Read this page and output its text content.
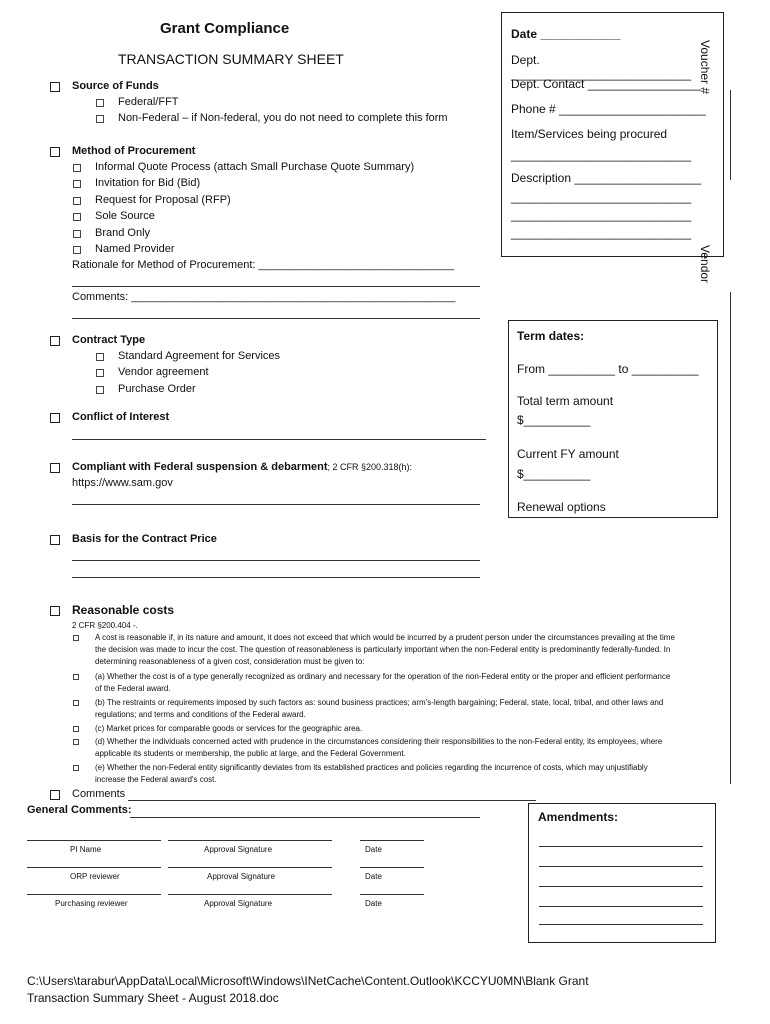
Grant Compliance
TRANSACTION SUMMARY SHEET
Date ____________
Dept. ___________________________
Dept. Contact _________________
Phone # ______________________
Item/Services being procured
___________________________
Description ___________________
___________________________
___________________________
___________________________
Voucher #
Vendor
Source of Funds
Federal/FFT
Non-Federal – if Non-federal, you do not need to complete this form
Method of Procurement
Informal Quote Process (attach Small Purchase Quote Summary)
Invitation for Bid (Bid)
Request for Proposal (RFP)
Sole Source
Brand Only
Named Provider
Rationale for Method of Procurement: ________________________________
Comments: _____________________________________________________
Contract Type
Standard Agreement for Services
Vendor agreement
Purchase Order
Conflict of Interest
Compliant with Federal suspension & debarment; 2 CFR §200.318(h):
https://www.sam.gov
Term dates:
From __________ to __________
Total term amount
$__________
Current FY amount
$__________
Renewal options
Basis for the Contract Price
Reasonable costs
2 CFR §200.404 -.
A cost is reasonable if, in its nature and amount, it does not exceed that which would be incurred by a prudent person under the circumstances prevailing at the time the decision was made to incur the cost. The question of reasonableness is particularly important when the non-Federal entity is predominantly federally-funded. In determining reasonableness of a given cost, consideration must be given to:
(a) Whether the cost is of a type generally recognized as ordinary and necessary for the operation of the non-Federal entity or the proper and efficient performance of the Federal award.
(b) The restraints or requirements imposed by such factors as: sound business practices; arm's-length bargaining; Federal, state, local, tribal, and other laws and regulations; and terms and conditions of the Federal award.
(c) Market prices for comparable goods or services for the geographic area.
(d) Whether the individuals concerned acted with prudence in the circumstances considering their responsibilities to the non-Federal entity, its employees, where applicable its students or membership, the public at large, and the Federal Government.
(e) Whether the non-Federal entity significantly deviates from its established practices and policies regarding the incurrence of costs, which may unjustifiably increase the Federal award's cost.
Comments
General Comments:	Amendments:
PI Name	Approval Signature	Date
ORP reviewer	Approval Signature	Date
Purchasing reviewer	Approval Signature	Date
C:\Users\tarabur\AppData\Local\Microsoft\Windows\INetCache\Content.Outlook\KCCYU0MN\Blank Grant
Transaction Summary Sheet - August 2018.doc
